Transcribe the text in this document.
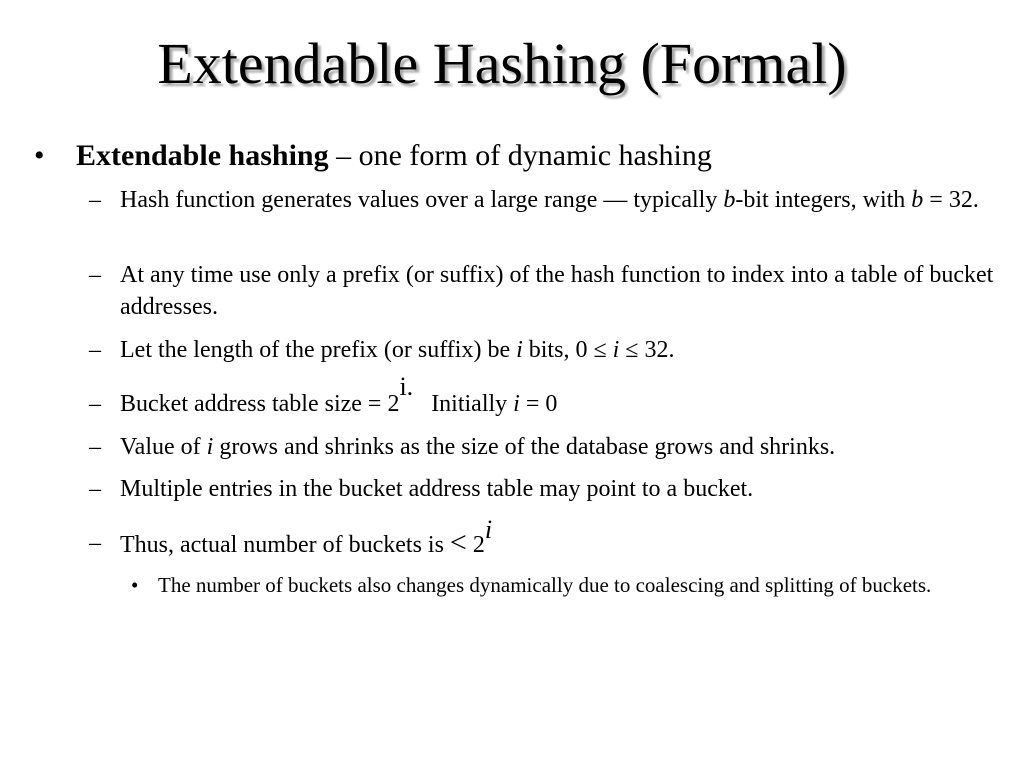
Extendable Hashing (Formal)
• Extendable hashing – one form of dynamic hashing
– Hash function generates values over a large range — typically b-bit integers, with b = 32.
– At any time use only a prefix (or suffix) of the hash function to index into a table of bucket addresses.
– Let the length of the prefix (or suffix) be i bits, 0 ≤ i ≤ 32.
– Bucket address table size = 2i.   Initially i = 0
– Value of i grows and shrinks as the size of the database grows and shrinks.
– Multiple entries in the bucket address table may point to a bucket.
– Thus, actual number of buckets is < 2i
• The number of buckets also changes dynamically due to coalescing and splitting of buckets.
